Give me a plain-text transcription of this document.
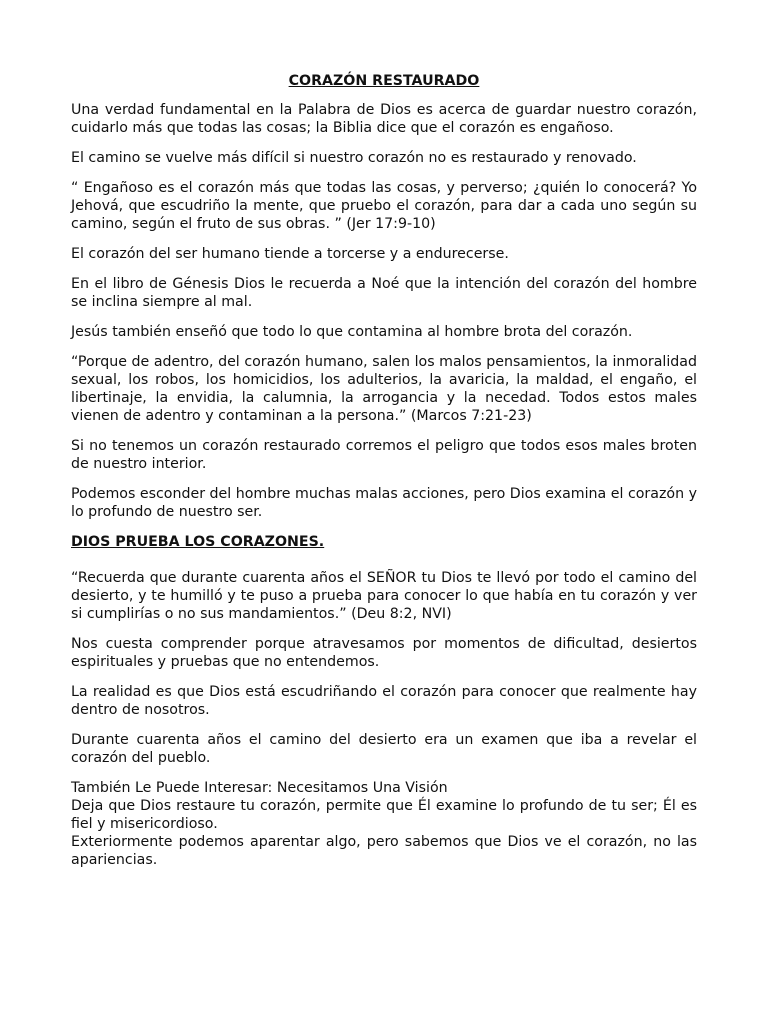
CORAZÓN RESTAURADO
Una verdad fundamental en la Palabra de Dios es acerca de guardar nuestro corazón, cuidarlo más que todas las cosas; la Biblia dice que el corazón es engañoso.
El camino se vuelve más difícil si nuestro corazón no es restaurado y renovado.
“ Engañoso es el corazón más que todas las cosas, y perverso; ¿quién lo conocerá? Yo Jehová, que escudriño la mente, que pruebo el corazón, para dar a cada uno según su camino, según el fruto de sus obras. ” (Jer 17:9-10)
El corazón del ser humano tiende a torcerse y a endurecerse.
En el libro de Génesis Dios le recuerda a Noé que la intención del corazón del hombre se inclina siempre al mal.
Jesús también enseñó que todo lo que contamina al hombre brota del corazón.
“Porque de adentro, del corazón humano, salen los malos pensamientos, la inmoralidad sexual, los robos, los homicidios, los adulterios, la avaricia, la maldad, el engaño, el libertinaje, la envidia, la calumnia, la arrogancia y la necedad. Todos estos males vienen de adentro y contaminan a la persona.” (Marcos 7:21-23)
Si no tenemos un corazón restaurado corremos el peligro que todos esos males broten de nuestro interior.
Podemos esconder del hombre muchas malas acciones, pero Dios examina el corazón y lo profundo de nuestro ser.
DIOS PRUEBA LOS CORAZONES.
“Recuerda que durante cuarenta años el SEÑOR tu Dios te llevó por todo el camino del desierto, y te humilló y te puso a prueba para conocer lo que había en tu corazón y ver si cumplirías o no sus mandamientos.” (Deu 8:2, NVI)
Nos cuesta comprender porque atravesamos por momentos de dificultad, desiertos espirituales y pruebas que no entendemos.
La realidad es que Dios está escudriñando el corazón para conocer que realmente hay dentro de nosotros.
Durante cuarenta años el camino del desierto era un examen que iba a revelar el corazón del pueblo.
También Le Puede Interesar: Necesitamos Una Visión
Deja que Dios restaure tu corazón, permite que Él examine lo profundo de tu ser; Él es fiel y misericordioso.
Exteriormente podemos aparentar algo, pero sabemos que Dios ve el corazón, no las apariencias.
